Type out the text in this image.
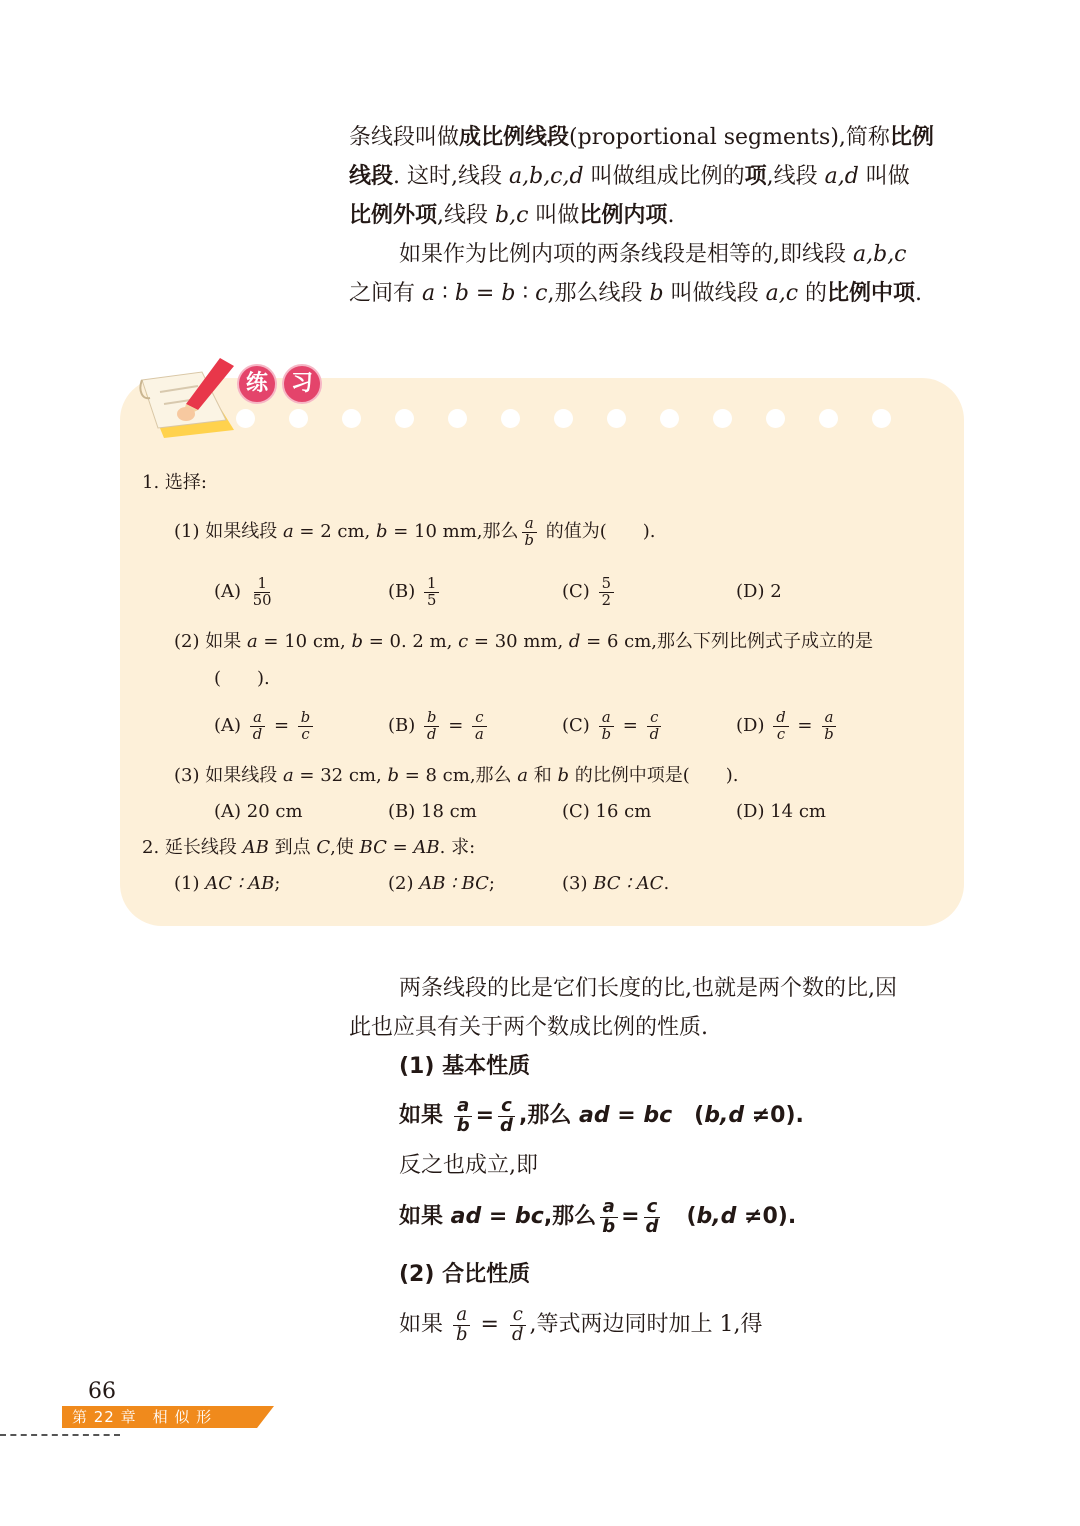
条线段叫做成比例线段(proportional segments),简称比例
线段. 这时,线段 a,b,c,d 叫做组成比例的项,线段 a,d 叫做
比例外项,线段 b,c 叫做比例内项.
如果作为比例内项的两条线段是相等的,即线段 a,b,c
之间有 a ∶ b = b ∶ c,那么线段 b 叫做线段 a,c 的比例中项.
练	习
1. 选择:
(1) 如果线段 a = 2 cm, b = 10 mm,那么 $\frac{a}{b}$ 的值为(　　).
$(A) \frac{1}{50}$	$(B) \frac{1}{5}$	$(C) \frac{5}{2}$	(D) 2
(2) 如果 a = 10 cm, b = 0. 2 m, c = 30 mm, d = 6 cm,那么下列比例式子成立的是
(　　).
$(A) \frac{a}{d} = \frac{b}{c}$	$(B) \frac{b}{d} = \frac{c}{a}$	$(C) \frac{a}{b} = \frac{c}{d}$	$(D) \frac{d}{c} = \frac{a}{b}$
(3) 如果线段 a = 32 cm, b = 8 cm,那么 a 和 b 的比例中项是(　　).
(A) 20 cm	(B) 18 cm	(C) 16 cm	(D) 14 cm
2. 延长线段 AB 到点 C,使 BC = AB. 求:
(1) AC ∶ AB;	(2) AB ∶ BC;	(3) BC ∶ AC.
两条线段的比是它们长度的比,也就是两个数的比,因
此也应具有关于两个数成比例的性质.
(1) 基本性质
如果 $\frac{a}{b} = \frac{c}{d}$ ,那么 ad = bc　(b,d ≠0).
反之也成立,即
如果 ad = bc,那么 $\frac{a}{b} = \frac{c}{d}$ 　(b,d ≠0).
(2) 合比性质
如果 $\frac{a}{b} = \frac{c}{d}$ ,等式两边同时加上 1,得
66
第 22 章　相 似 形
